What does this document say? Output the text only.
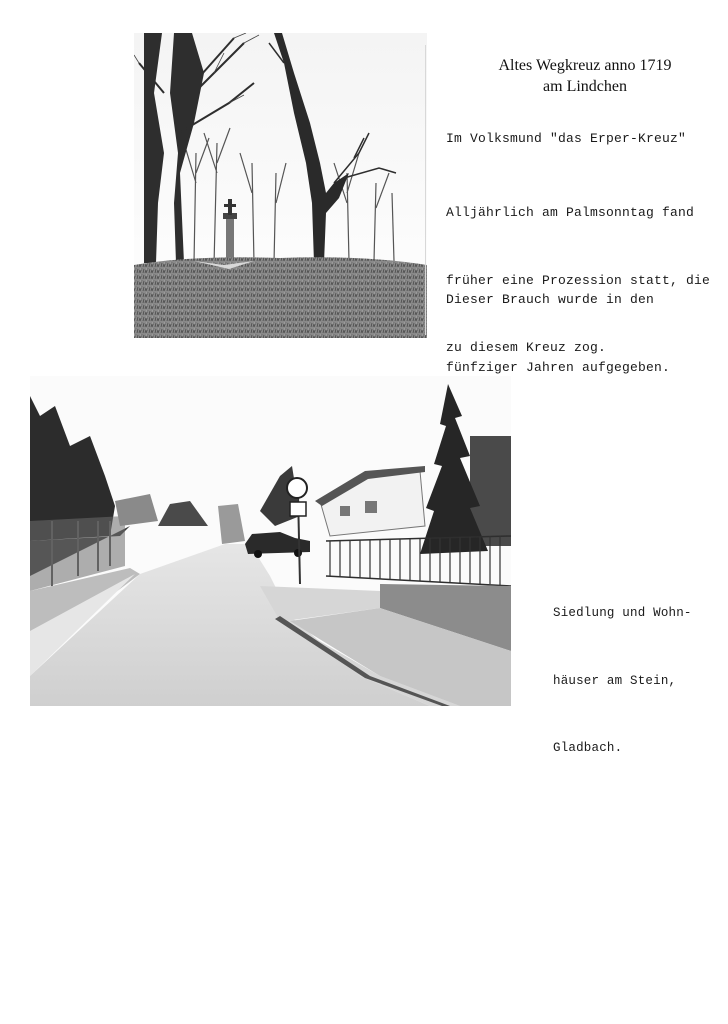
Altes Wegkreuz anno 1719
am Lindchen
Im Volksmund "das Erper-Kreuz"

Alljährlich am Palmsonntag fand

früher eine Prozession statt, die

zu diesem Kreuz zog.

Dieser Brauch wurde in den

fünfziger Jahren aufgegeben.

Siedlung und Wohn-

häuser am Stein,

Gladbach.
